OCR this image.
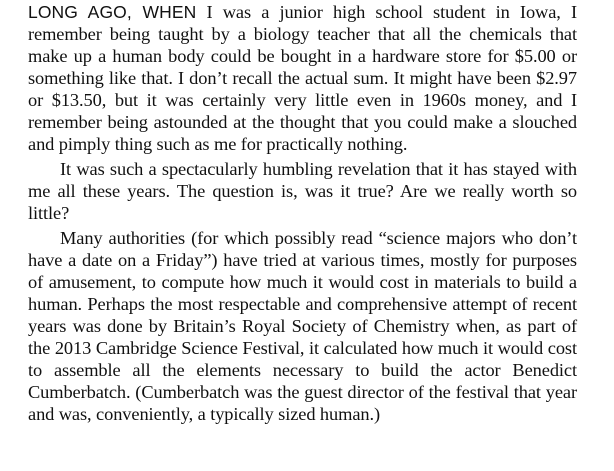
LONG AGO, WHEN I was a junior high school student in Iowa, I remember being taught by a biology teacher that all the chemicals that make up a human body could be bought in a hardware store for $5.00 or something like that. I don’t recall the actual sum. It might have been $2.97 or $13.50, but it was certainly very little even in 1960s money, and I remember being astounded at the thought that you could make a slouched and pimply thing such as me for practically nothing.

It was such a spectacularly humbling revelation that it has stayed with me all these years. The question is, was it true? Are we really worth so little?

Many authorities (for which possibly read “science majors who don’t have a date on a Friday”) have tried at various times, mostly for purposes of amusement, to compute how much it would cost in materials to build a human. Perhaps the most respectable and comprehensive attempt of recent years was done by Britain’s Royal Society of Chemistry when, as part of the 2013 Cambridge Science Festival, it calculated how much it would cost to assemble all the elements necessary to build the actor Benedict Cumberbatch. (Cumberbatch was the guest director of the festival that year and was, conveniently, a typically sized human.)
